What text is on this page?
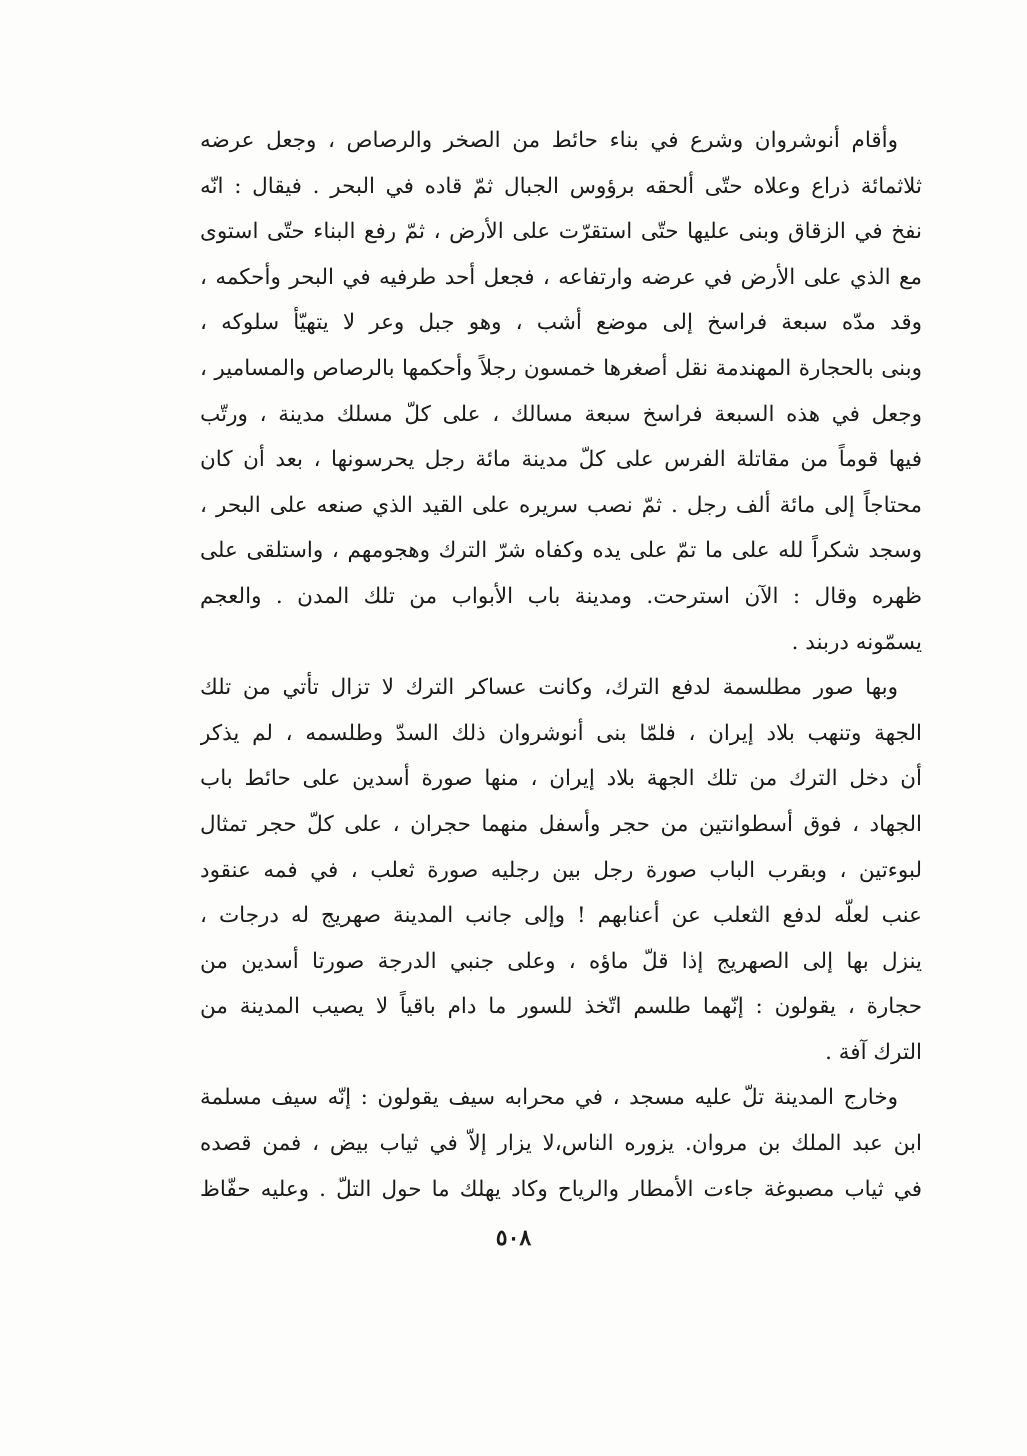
وأقام أنوشروان وشرع في بناء حائط من الصخر والرصاص ، وجعل عرضه
ثلاثمائة ذراع وعلاه حتّى ألحقه برؤوس الجبال ثمّ قاده في البحر . فيقال : انّه
نفخ في الزقاق وبنى عليها حتّى استقرّت على الأرض ، ثمّ رفع البناء حتّى استوى
مع الذي على الأرض في عرضه وارتفاعه ، فجعل أحد طرفيه في البحر وأحكمه ،
وقد مدّه سبعة فراسخ إلى موضع أشب ، وهو جبل وعر لا يتهيّأ سلوكه ،
وبنى بالحجارة المهندمة نقل أصغرها خمسون رجلاً وأحكمها بالرصاص والمسامير ،
وجعل في هذه السبعة فراسخ سبعة مسالك ، على كلّ مسلك مدينة ، ورتّب
فيها قوماً من مقاتلة الفرس على كلّ مدينة مائة رجل يحرسونها ، بعد أن كان
محتاجاً إلى مائة ألف رجل . ثمّ نصب سريره على القيد الذي صنعه على البحر ،
وسجد شكراً لله على ما تمّ على يده وكفاه شرّ الترك وهجومهم ، واستلقى على
ظهره وقال : الآن استرحت. ومدينة باب الأبواب من تلك المدن . والعجم
يسمّونه دربند .
وبها صور مطلسمة لدفع الترك، وكانت عساكر الترك لا تزال تأتي من تلك
الجهة وتنهب بلاد إيران ، فلمّا بنى أنوشروان ذلك السدّ وطلسمه ، لم يذكر
أن دخل الترك من تلك الجهة بلاد إيران ، منها صورة أسدين على حائط باب
الجهاد ، فوق أسطوانتين من حجر وأسفل منهما حجران ، على كلّ حجر تمثال
لبوءتين ، وبقرب الباب صورة رجل بين رجليه صورة ثعلب ، في فمه عنقود
عنب لعلّه لدفع الثعلب عن أعنابهم ! وإلى جانب المدينة صهريج له درجات ،
ينزل بها إلى الصهريج إذا قلّ ماؤه ، وعلى جنبي الدرجة صورتا أسدين من
حجارة ، يقولون : إنّهما طلسم اتّخذ للسور ما دام باقياً لا يصيب المدينة من
الترك آفة .
وخارج المدينة تلّ عليه مسجد ، في محرابه سيف يقولون : إنّه سيف مسلمة
ابن عبد الملك بن مروان. يزوره الناس،لا يزار إلاّ في ثياب بيض ، فمن قصده
في ثياب مصبوغة جاءت الأمطار والرياح وكاد يهلك ما حول التلّ . وعليه حفّاظ
٥٠٨
